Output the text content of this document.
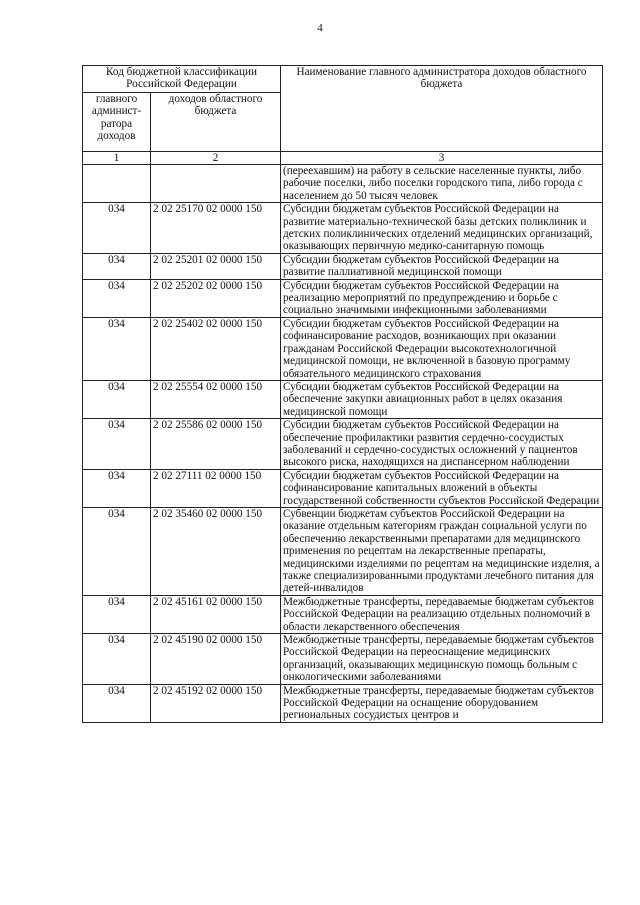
4
Код бюджетной классификации Российской Федерации		Наименование главного администратора доходов областного бюджета
главного админист- ратора доходов	доходов областного бюджета	
1	2	3
		(переехавшим) на работу в сельские населенные пункты, либо рабочие поселки, либо поселки городского типа, либо города с населением до 50 тысяч человек
034	2 02 25170 02 0000 150	Субсидии бюджетам субъектов Российской Федерации на развитие материально-технической базы детских поликлиник и детских поликлинических отделений медицинских организаций, оказывающих первичную медико-санитарную помощь
034	2 02 25201 02 0000 150	Субсидии бюджетам субъектов Российской Федерации на развитие паллиативной медицинской помощи
034	2 02 25202 02 0000 150	Субсидии бюджетам субъектов Российской Федерации на реализацию мероприятий по предупреждению и борьбе с социально значимыми инфекционными заболеваниями
034	2 02 25402 02 0000 150	Субсидии бюджетам субъектов Российской Федерации на софинансирование расходов, возникающих при оказании гражданам Российской Федерации высокотехнологичной медицинской помощи, не включенной в базовую программу обязательного медицинского страхования
034	2 02 25554 02 0000 150	Субсидии бюджетам субъектов Российской Федерации на обеспечение закупки авиационных работ в целях оказания медицинской помощи
034	2 02 25586 02 0000 150	Субсидии бюджетам субъектов Российской Федерации на обеспечение профилактики развития сердечно-сосудистых заболеваний и сердечно-сосудистых осложнений у пациентов высокого риска, находящихся на диспансерном наблюдении
034	2 02 27111 02 0000 150	Субсидии бюджетам субъектов Российской Федерации на софинансирование капитальных вложений в объекты государственной собственности субъектов Российской Федерации
034	2 02 35460 02 0000 150	Субвенции бюджетам субъектов Российской Федерации на оказание отдельным категориям граждан социальной услуги по обеспечению лекарственными препаратами для медицинского применения по рецептам на лекарственные препараты, медицинскими изделиями по рецептам на медицинские изделия, а также специализированными продуктами лечебного питания для детей-инвалидов
034	2 02 45161 02 0000 150	Межбюджетные трансферты, передаваемые бюджетам субъектов Российской Федерации на реализацию отдельных полномочий в области лекарственного обеспечения
034	2 02 45190 02 0000 150	Межбюджетные трансферты, передаваемые бюджетам субъектов Российской Федерации на переоснащение медицинских организаций, оказывающих медицинскую помощь больным с онкологическими заболеваниями
034	2 02 45192 02 0000 150	Межбюджетные трансферты, передаваемые бюджетам субъектов Российской Федерации на оснащение оборудованием региональных сосудистых центров и
